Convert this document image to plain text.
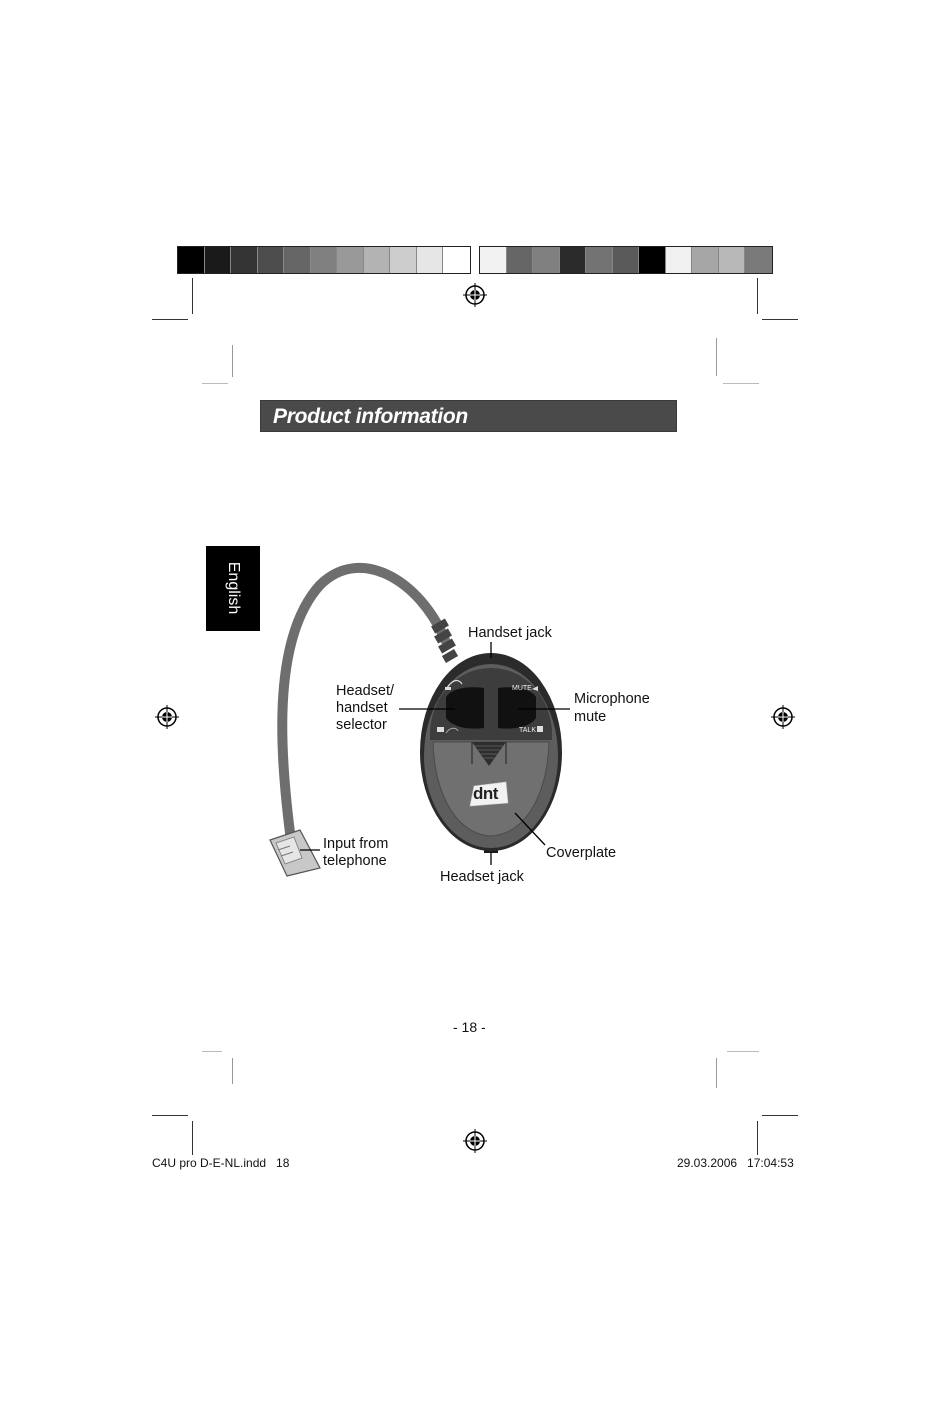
Product information
English
MUTE
TALK
dnt
Handset jack
Headset/
handset
selector
Microphone
mute
Input from
telephone	Coverplate
Headset jack
- 18 -
C4U pro D-E-NL.indd   18	29.03.2006   17:04:53
